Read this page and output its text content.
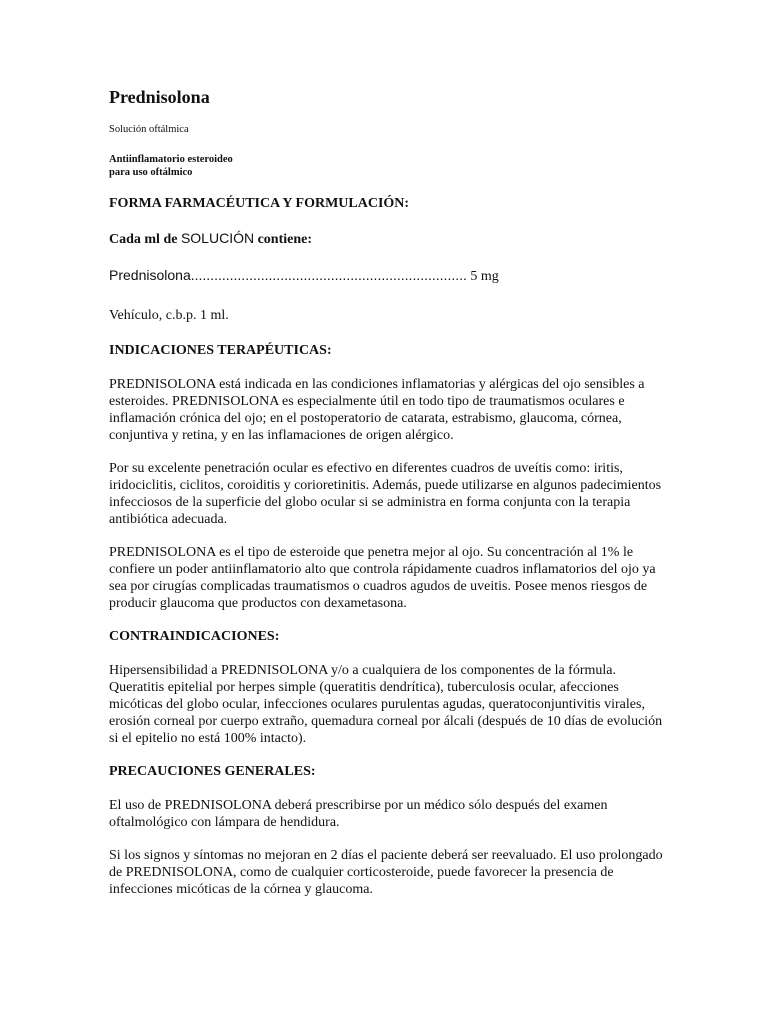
Prednisolona
Solución oftálmica
Antiinflamatorio esteroideo
para uso oftálmico
FORMA FARMACÉUTICA Y FORMULACIÓN:
Cada ml de SOLUCIÓN contiene:
Prednisolona....................................................................... 5 mg
Vehículo, c.b.p. 1 ml.
INDICACIONES TERAPÉUTICAS:

PREDNISOLONA está indicada en las condiciones inflamatorias y alérgicas del ojo sensibles a esteroides. PREDNISOLONA es especialmente útil en todo tipo de traumatismos oculares e inflamación crónica del ojo; en el postoperatorio de catarata, estrabismo, glaucoma, córnea, conjuntiva y retina, y en las inflamaciones de origen alérgico.

Por su excelente penetración ocular es efectivo en diferentes cuadros de uveítis como: iritis, iridociclitis, ciclitos, coroiditis y corioretinitis. Además, puede utilizarse en algunos padecimientos infecciosos de la superficie del globo ocular si se administra en forma conjunta con la terapia antibiótica adecuada.

PREDNISOLONA es el tipo de esteroide que penetra mejor al ojo. Su concentración al 1% le confiere un poder antiinflamatorio alto que controla rápidamente cuadros inflamatorios del ojo ya sea por cirugías complicadas traumatismos o cuadros agudos de uveitis. Posee menos riesgos de producir glaucoma que productos con dexametasona.

CONTRAINDICACIONES:

Hipersensibilidad a PREDNISOLONA y/o a cualquiera de los componentes de la fórmula. Queratitis epitelial por herpes simple (queratitis dendrítica), tuberculosis ocular, afecciones micóticas del globo ocular, infecciones oculares purulentas agudas, queratoconjuntivitis virales, erosión corneal por cuerpo extraño, quemadura corneal por álcali (después de 10 días de evolución si el epitelio no está 100% intacto).

PRECAUCIONES GENERALES:

El uso de PREDNISOLONA deberá prescribirse por un médico sólo después del examen oftalmológico con lámpara de hendidura.

Si los signos y síntomas no mejoran en 2 días el paciente deberá ser reevaluado. El uso prolongado de PREDNISOLONA, como de cualquier corticosteroide, puede favorecer la presencia de infecciones micóticas de la córnea y glaucoma.
